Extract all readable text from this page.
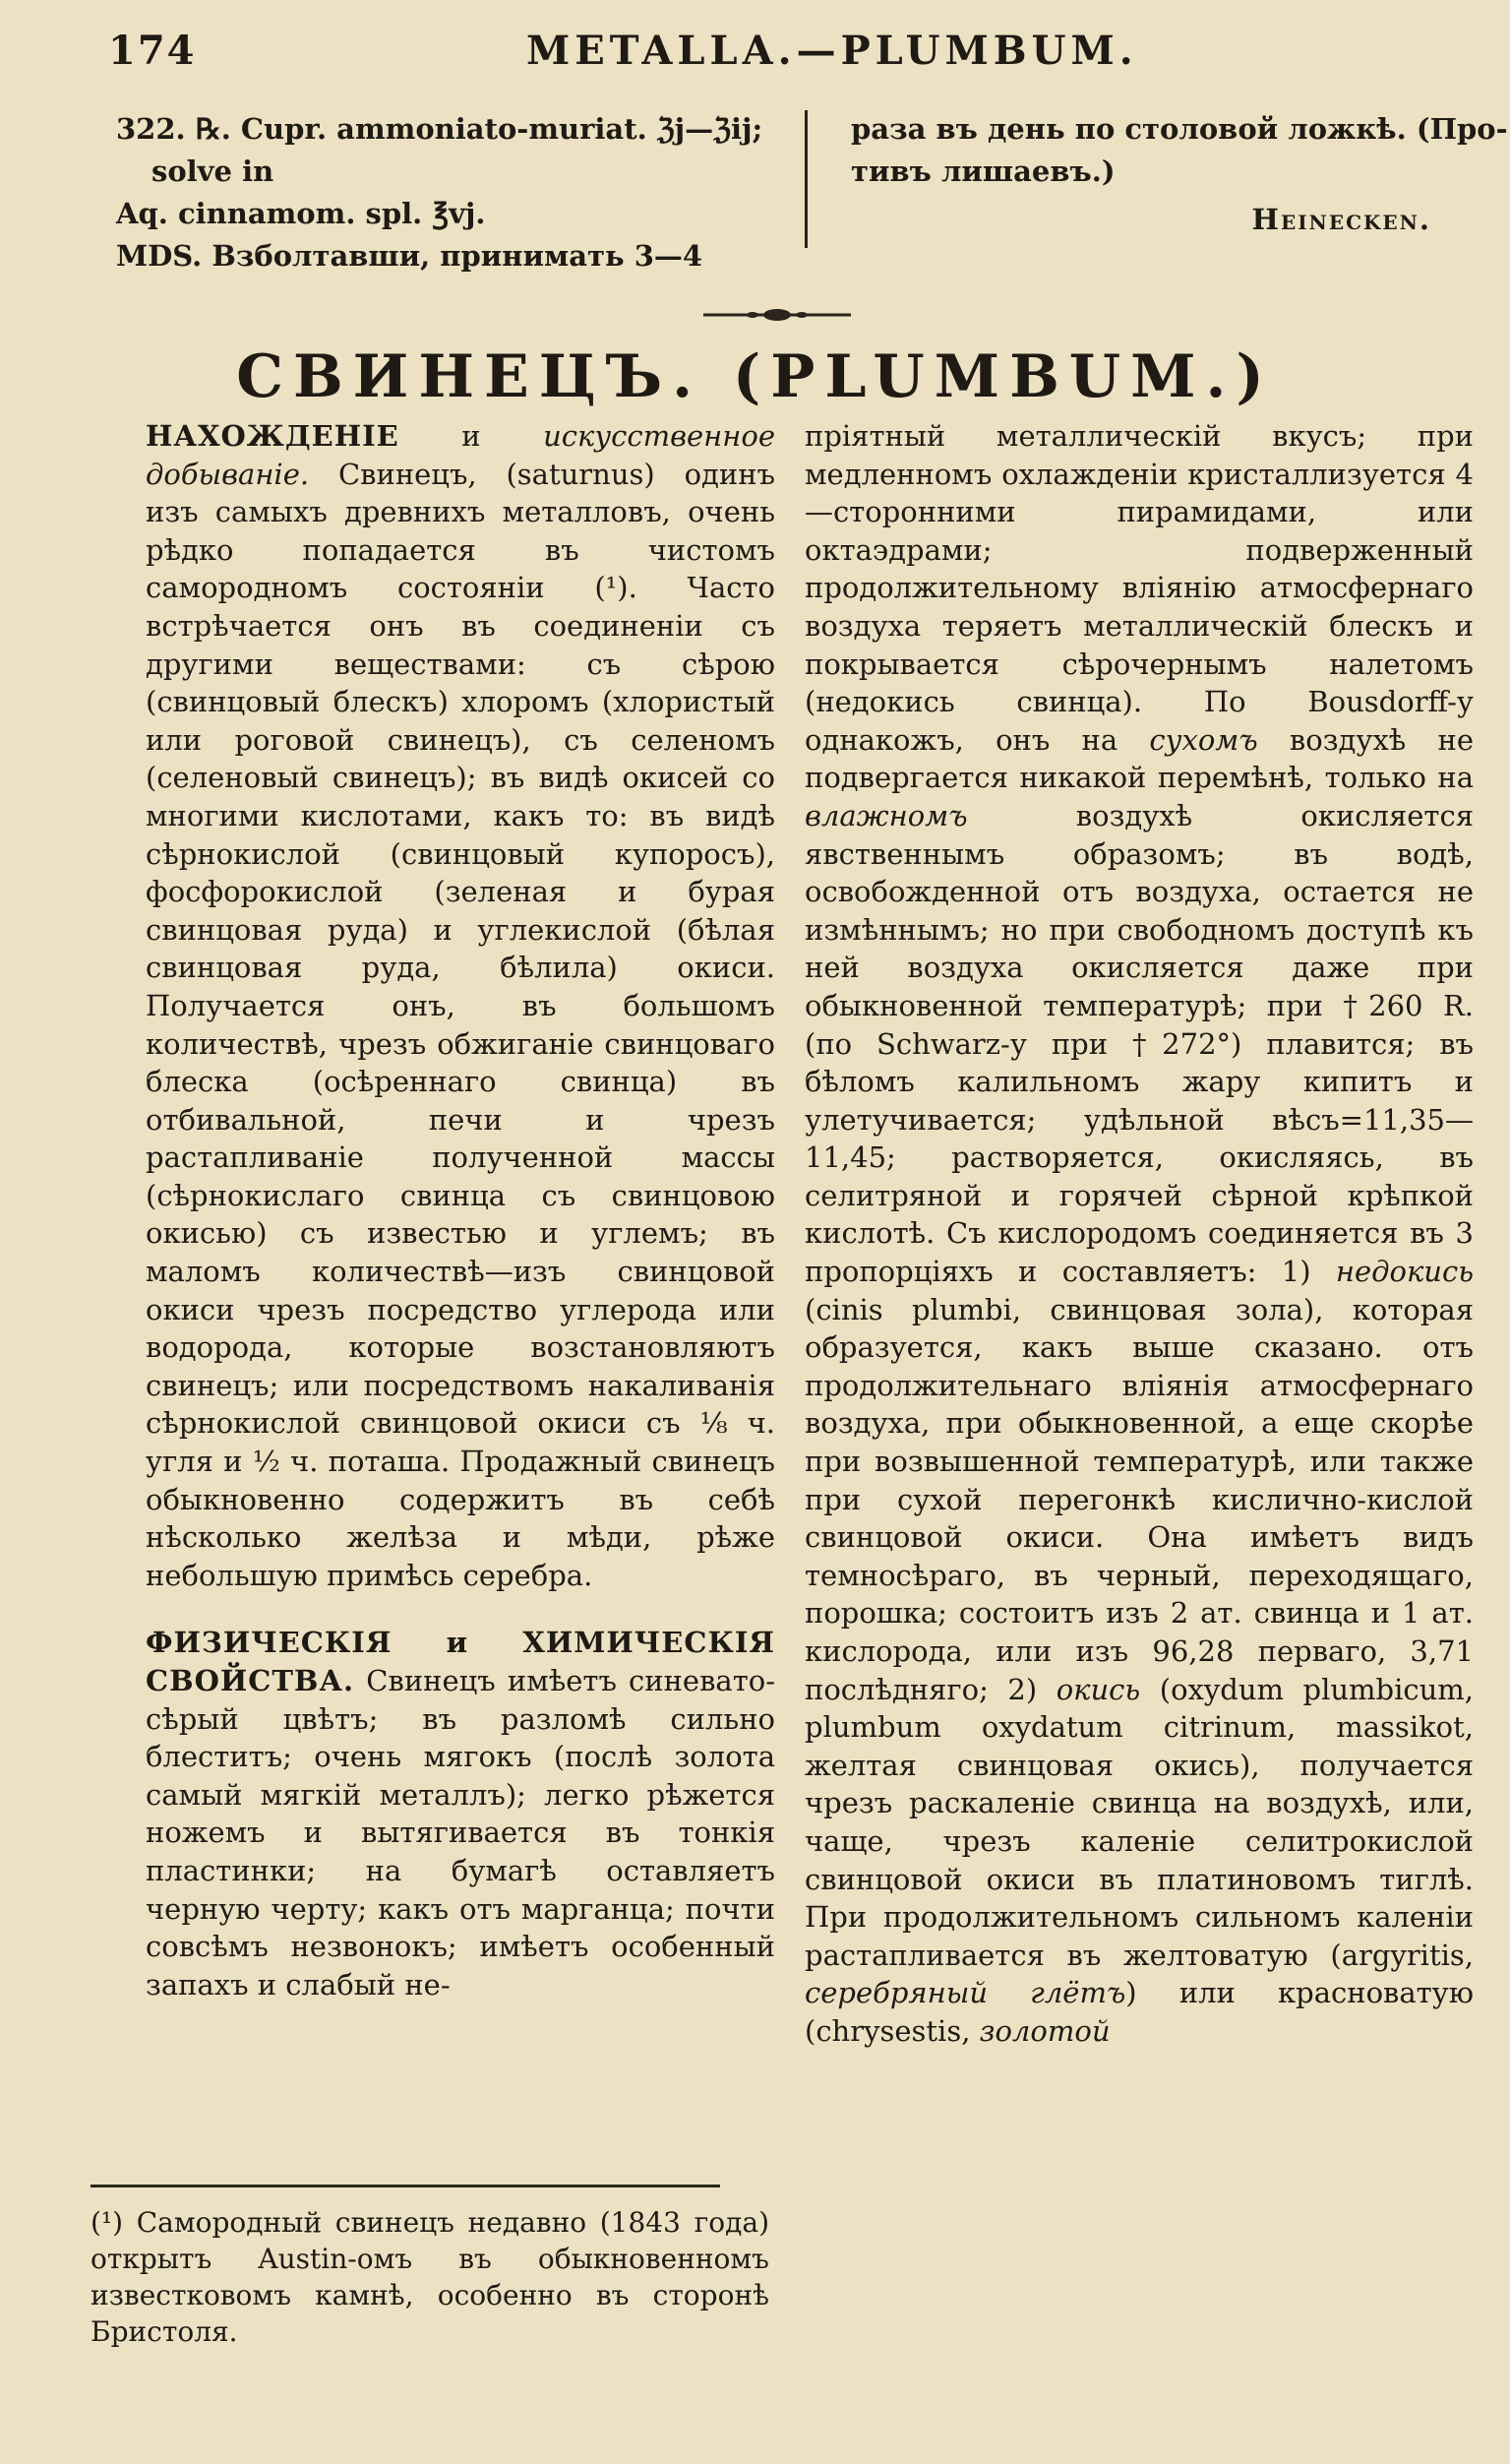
174	METALLA.—PLUMBUM.
322. ℞. Cupr. ammoniato-muriat. ℨj—ℨij;
solve in
Aq. cinnamom. spl. ℥vj.
MDS. Взболтавши, принимать 3—4
раза въ день по столовой ложкѣ. (Про-
тивъ лишаевъ.)
Heinecken.
СВИНЕЦЪ. (PLUMBUM.)

НАХОЖДЕНІЕ и искусственное добываніе. Свинецъ, (saturnus) одинъ изъ самыхъ древнихъ металловъ, очень рѣдко попадается въ чистомъ самородномъ состояніи (¹). Часто встрѣчается онъ въ соединеніи съ другими веществами: съ сѣрою (свинцовый блескъ) хлоромъ (хлористый или роговой свинецъ), съ селеномъ (селеновый свинецъ); въ видѣ окисей со многими кислотами, какъ то: въ видѣ сѣрнокислой (свинцовый купоросъ), фосфорокислой (зеленая и бурая свинцовая руда) и углекислой (бѣлая свинцовая руда, бѣлила) окиси. Получается онъ, въ большомъ количествѣ, чрезъ обжиганіе свинцоваго блеска (осѣреннаго свинца) въ отбивальной, печи и чрезъ растапливаніе полученной массы (сѣрнокислаго свинца съ свинцовою окисью) съ известью и углемъ; въ маломъ количествѣ—изъ свинцовой окиси чрезъ посредство углерода или водорода, которые возстановляютъ свинецъ; или посредствомъ накаливанія сѣрнокислой свинцовой окиси съ ⅛ ч. угля и ½ ч. поташа. Продажный свинецъ обыкновенно содержитъ въ себѣ нѣсколько желѣза и мѣди, рѣже небольшую примѣсь серебра.

ФИЗИЧЕСКІЯ и ХИМИЧЕСКІЯ СВОЙСТВА. Свинецъ имѣетъ синевато-сѣрый цвѣтъ; въ разломѣ сильно блеститъ; очень мягокъ (послѣ золота самый мягкій металлъ); легко рѣжется ножемъ и вытягивается въ тонкія пластинки; на бумагѣ оставляетъ черную черту; какъ отъ марганца; почти совсѣмъ незвонокъ; имѣетъ особенный запахъ и слабый не-

пріятный металлическій вкусъ; при медленномъ охлажденіи кристаллизуется 4—сторонними пирамидами, или октаэдрами; подверженный продолжительному вліянію атмосфернаго воздуха теряетъ металлическій блескъ и покрывается сѣрочернымъ налетомъ (недокись свинца). По Bousdorff-у однакожъ, онъ на сухомъ воздухѣ не подвергается никакой перемѣнѣ, только на влажномъ	воздухѣ окисляется явственнымъ образомъ; въ водѣ, освобожденной отъ воздуха, остается не измѣннымъ; но при свободномъ доступѣ къ ней воздуха окисляется даже при обыкновенной температурѣ; при †260 R. (по Schwarz-у при †272°) плавится; въ бѣломъ калильномъ жару кипитъ и улетучивается; удѣльной вѣсъ=11,35—11,45; растворяется, окисляясь, въ селитряной и горячей сѣрной крѣпкой кислотѣ. Съ кислородомъ соединяется въ 3 пропорціяхъ и составляетъ: 1) недокись (cinis plumbi, свинцовая зола), которая образуется, какъ выше сказано. отъ продолжительнаго вліянія атмосфернаго воздуха, при обыкновенной, а еще скорѣе при возвышенной температурѣ, или также при сухой перегонкѣ кислично-кислой свинцовой окиси. Она имѣетъ видъ темносѣраго, въ черный, переходящаго, порошка; состоитъ изъ 2 ат. свинца и 1 ат. кислорода, или изъ 96,28 перваго, 3,71 послѣдняго; 2) окись (oxydum plumbicum, plumbum oxydatum citrinum, massikot, желтая свинцовая окись), получается чрезъ раскаленіе свинца на воздухѣ, или, чаще, чрезъ каленіе селитрокислой свинцовой окиси въ платиновомъ тиглѣ. При продолжительномъ сильномъ каленіи растапливается въ желтоватую (argyritis, серебряный глётъ) или красноватую (chrysestis, золотой

(¹) Самородный свинецъ недавно (1843 года) открытъ Austin-омъ въ обыкновенномъ известковомъ камнѣ, особенно въ сторонѣ Бристоля.
